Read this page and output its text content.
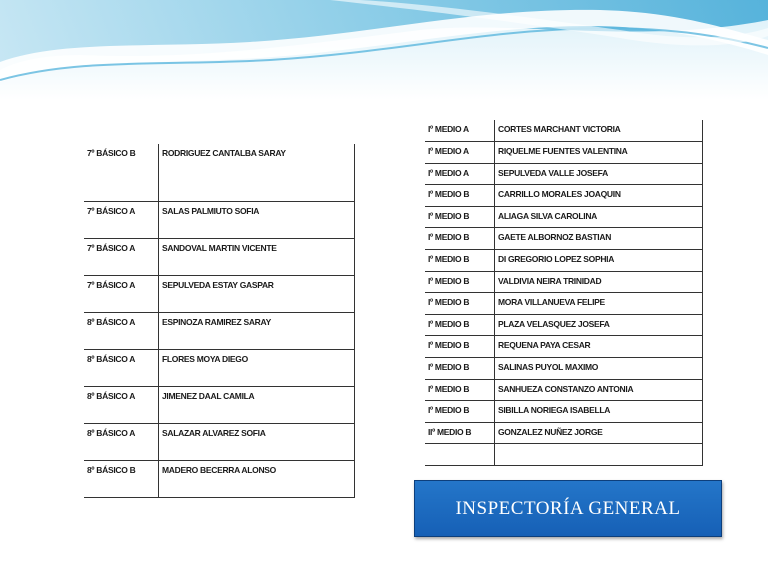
7º BÁSICO B	RODRIGUEZ CANTALBA SARAY
7º BÁSICO A	SALAS PALMIUTO SOFIA
7º BÁSICO A	SANDOVAL MARTIN VICENTE
7º BÁSICO A	SEPULVEDA ESTAY GASPAR
8º BÁSICO A	ESPINOZA RAMIREZ SARAY
8º BÁSICO A	FLORES MOYA DIEGO
8º BÁSICO A	JIMENEZ DAAL CAMILA
8º BÁSICO A	SALAZAR ALVAREZ SOFIA
8º BÁSICO B	MADERO BECERRA ALONSO
Iº MEDIO A	CORTES MARCHANT VICTORIA
Iº MEDIO A	RIQUELME FUENTES VALENTINA
Iº MEDIO A	SEPULVEDA VALLE JOSEFA
Iº MEDIO B	CARRILLO MORALES JOAQUIN
Iº MEDIO B	ALIAGA SILVA CAROLINA
Iº MEDIO B	GAETE ALBORNOZ BASTIAN
Iº MEDIO B	DI GREGORIO LOPEZ SOPHIA
Iº MEDIO B	VALDIVIA NEIRA TRINIDAD
Iº MEDIO B	MORA VILLANUEVA FELIPE
Iº MEDIO B	PLAZA VELASQUEZ JOSEFA
Iº MEDIO B	REQUENA PAYA CESAR
Iº MEDIO B	SALINAS PUYOL MAXIMO
Iº MEDIO B	SANHUEZA CONSTANZO ANTONIA
Iº MEDIO B	SIBILLA NORIEGA ISABELLA
IIº MEDIO B	GONZALEZ NUÑEZ JORGE

INSPECTORÍA GENERAL
